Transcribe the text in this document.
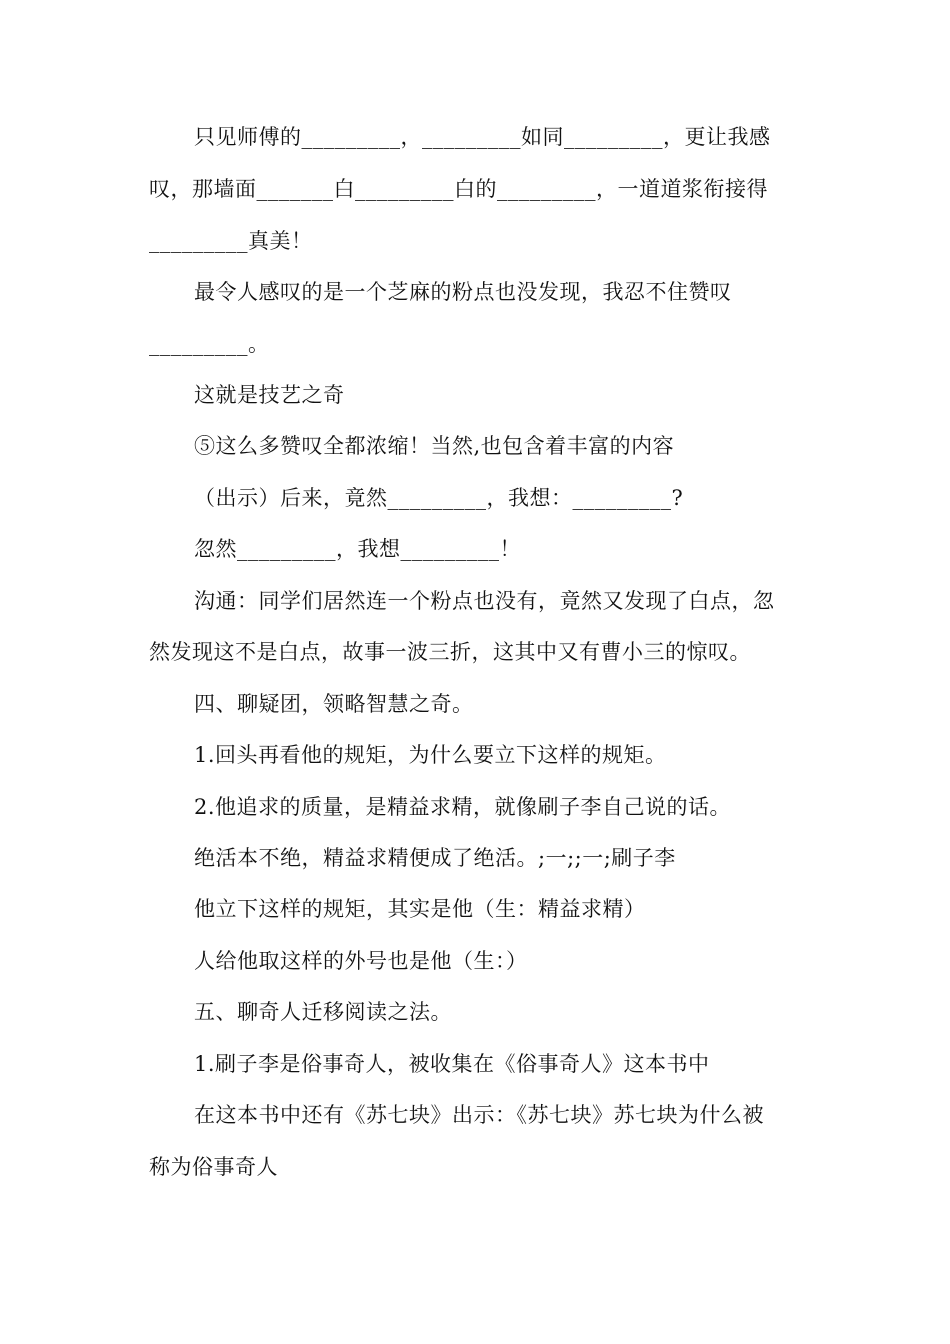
只见师傅的_________，_________如同_________，更让我感
叹，那墙面_______白_________白的_________，一道道浆衔接得
_________真美！
最令人感叹的是一个芝麻的粉点也没发现，我忍不住赞叹
_________。
这就是技艺之奇
⑤这么多赞叹全都浓缩！当然,也包含着丰富的内容
（出示）后来，竟然_________，我想：_________?
忽然_________，我想_________！
沟通：同学们居然连一个粉点也没有，竟然又发现了白点，忽
然发现这不是白点，故事一波三折，这其中又有曹小三的惊叹。
四、聊疑团，领略智慧之奇。
1.回头再看他的规矩，为什么要立下这样的规矩。
2.他追求的质量，是精益求精，就像刷子李自己说的话。
绝活本不绝，精益求精便成了绝活。;一;;一;刷子李
他立下这样的规矩，其实是他（生：精益求精）
人给他取这样的外号也是他（生：）
五、聊奇人迁移阅读之法。
1.刷子李是俗事奇人，被收集在《俗事奇人》这本书中
在这本书中还有《苏七块》出示：《苏七块》苏七块为什么被
称为俗事奇人
